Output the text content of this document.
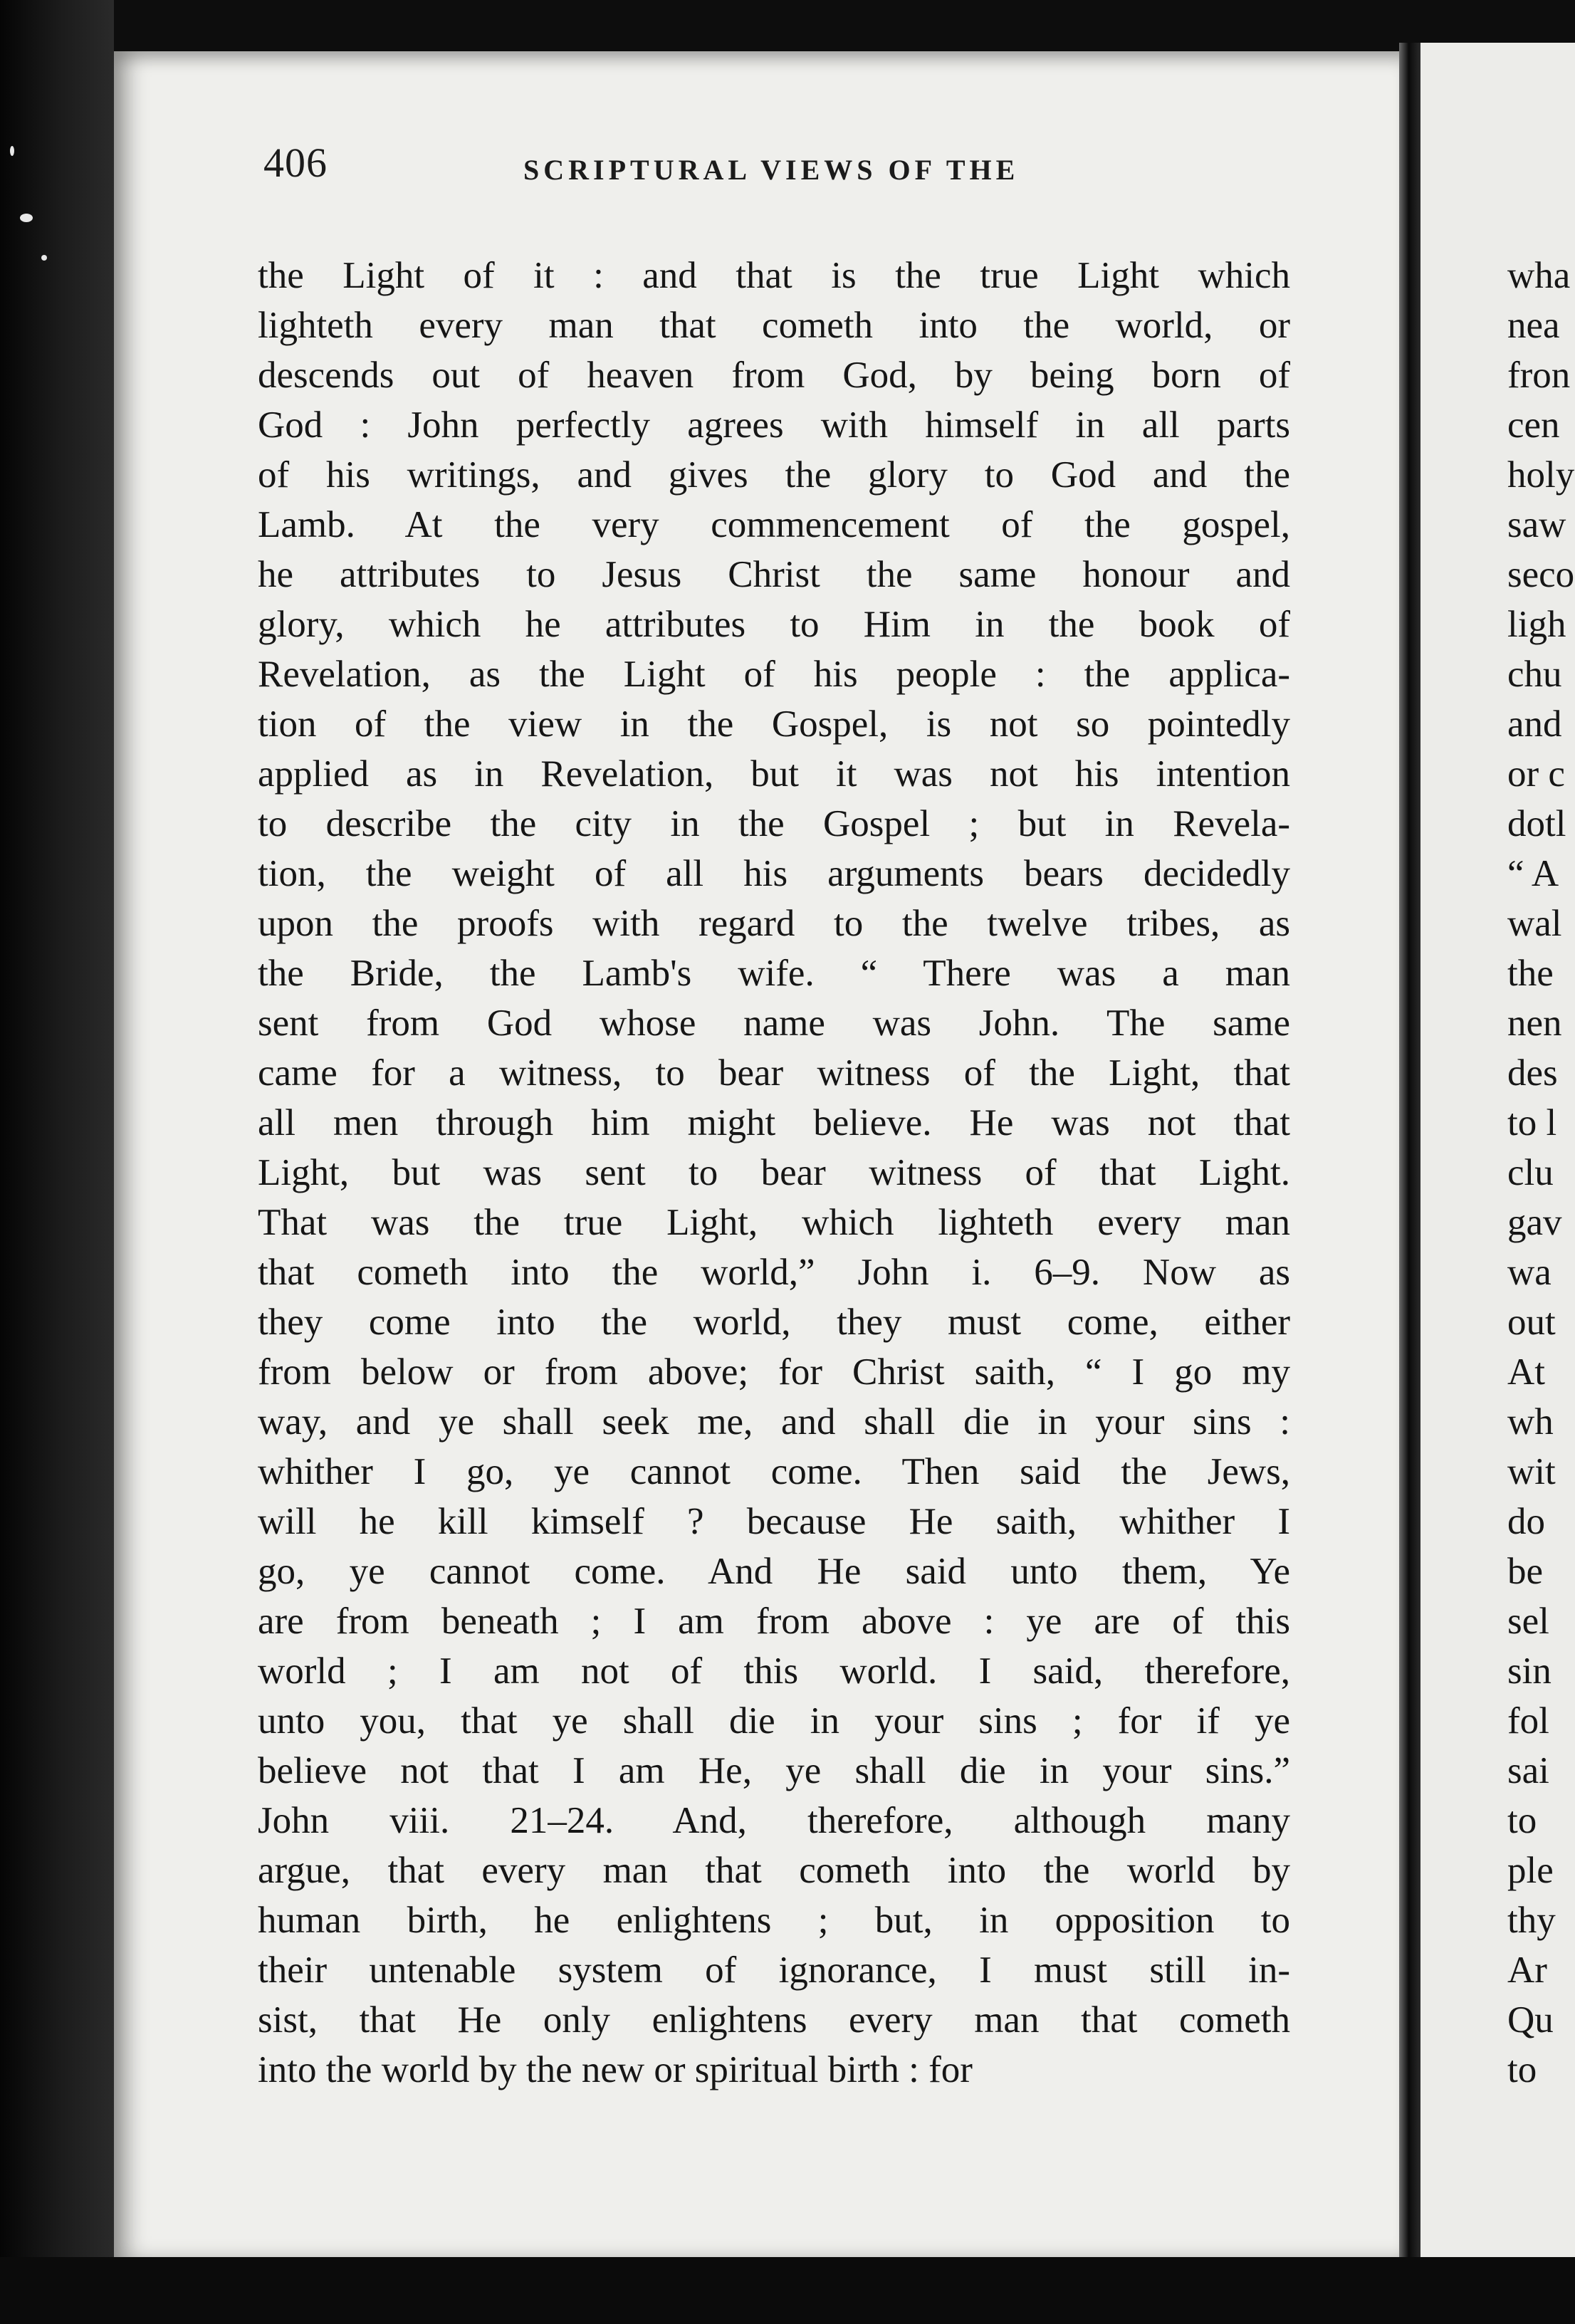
406	SCRIPTURAL VIEWS OF THE
the Light of it : and that is the true Light which
lighteth every man that cometh into the world, or
descends out of heaven from God, by being born of
God : John perfectly agrees with himself in all parts
of his writings, and gives the glory to God and the
Lamb. At the very commencement of the gospel,
he attributes to Jesus Christ the same honour and
glory, which he attributes to Him in the book of
Revelation, as the Light of his people : the applica-
tion of the view in the Gospel, is not so pointedly
applied as in Revelation, but it was not his intention
to describe the city in the Gospel ; but in Revela-
tion, the weight of all his arguments bears decidedly
upon the proofs with regard to the twelve tribes, as
the Bride, the Lamb's wife. “ There was a man
sent from God whose name was John. The same
came for a witness, to bear witness of the Light, that
all men through him might believe. He was not that
Light, but was sent to bear witness of that Light.
That was the true Light, which lighteth every man
that cometh into the world,” John i. 6–9. Now as
they come into the world, they must come, either
from below or from above; for Christ saith, “ I go my
way, and ye shall seek me, and shall die in your sins :
whither I go, ye cannot come. Then said the Jews,
will he kill kimself ? because He saith, whither I
go, ye cannot come. And He said unto them, Ye
are from beneath ; I am from above : ye are of this
world ; I am not of this world. I said, therefore,
unto you, that ye shall die in your sins ; for if ye
believe not that I am He, ye shall die in your sins.”
John viii. 21–24. And, therefore, although many
argue, that every man that cometh into the world by
human birth, he enlightens ; but, in opposition to
their untenable system of ignorance, I must still in-
sist, that He only enlightens every man that cometh
into the world by the new or spiritual birth : for
wha
nea
fron
cen
holy
saw
seco
ligh
chu
and
or c
dotl
“ A
wal
the
nen
des
to l
clu
gav
wa
out
At
wh
wit
do
be
sel
sin
fol
sai
to
ple
thy
Ar
Qu
to
